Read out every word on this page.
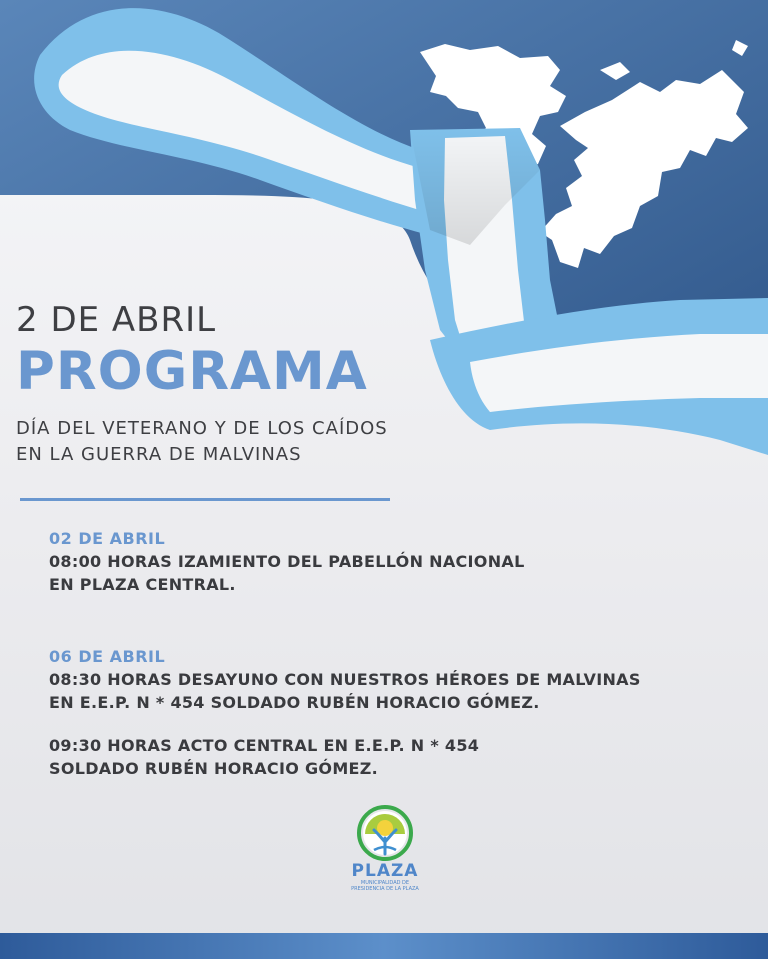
2 DE ABRIL
PROGRAMA
DÍA DEL VETERANO Y DE LOS CAÍDOS
EN LA GUERRA DE MALVINAS
02 DE ABRIL
08:00 HORAS IZAMIENTO DEL PABELLÓN NACIONAL
EN PLAZA CENTRAL.
06 DE ABRIL
08:30 HORAS DESAYUNO CON NUESTROS HÉROES DE MALVINAS
EN E.E.P. N * 454 SOLDADO RUBÉN HORACIO GÓMEZ.
09:30 HORAS ACTO CENTRAL EN E.E.P. N * 454
SOLDADO RUBÉN HORACIO GÓMEZ.
PLAZA
MUNICIPALIDAD DE
PRESIDENCIA DE LA PLAZA
